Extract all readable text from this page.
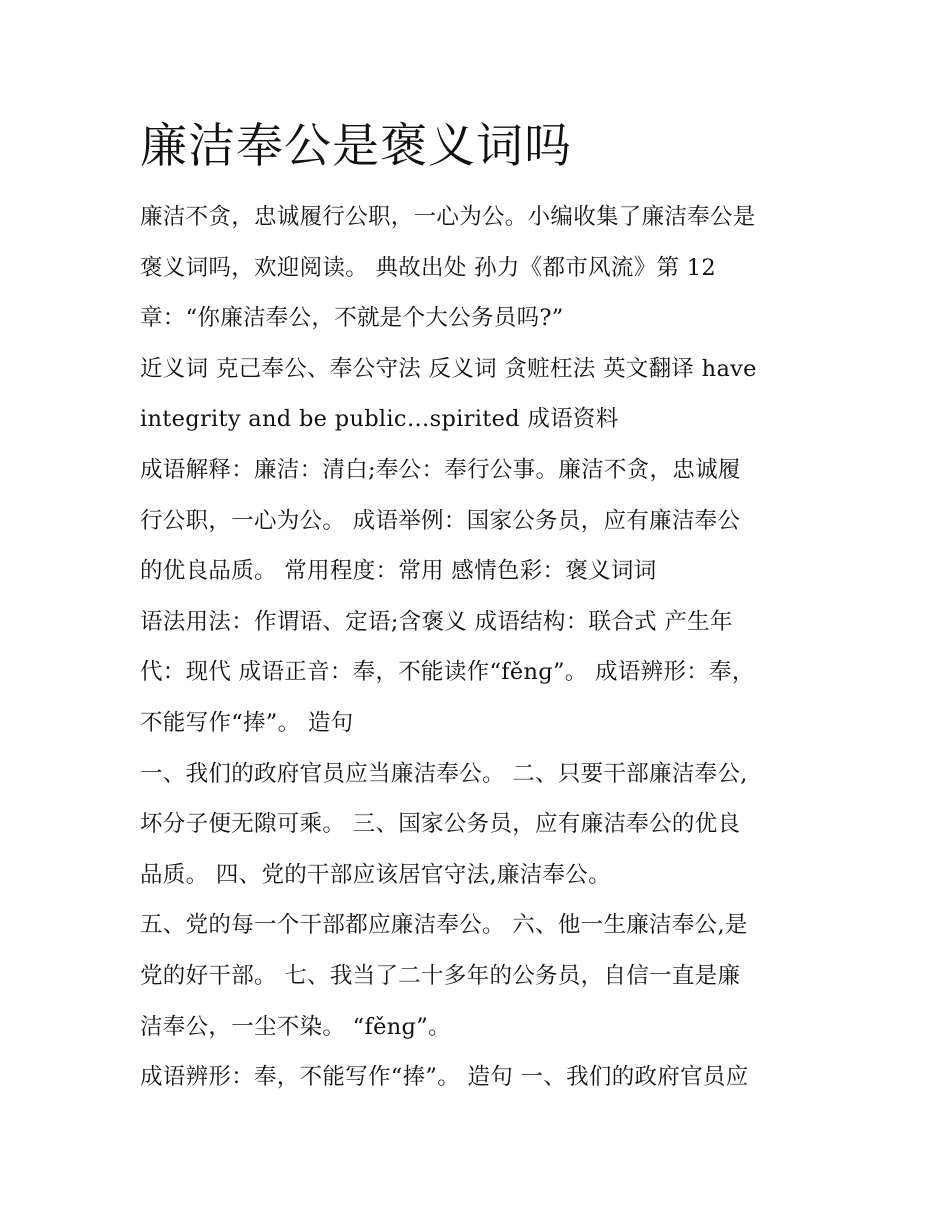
廉洁奉公是褒义词吗
廉洁不贪，忠诚履行公职，一心为公。小编收集了廉洁奉公是
褒义词吗，欢迎阅读。 典故出处 孙力《都市风流》第 12
章：“你廉洁奉公，不就是个大公务员吗?”
近义词 克己奉公、奉公守法 反义词 贪赃枉法 英文翻译 have
integrity and be public…spirited 成语资料
成语解释：廉洁：清白;奉公：奉行公事。廉洁不贪，忠诚履
行公职，一心为公。 成语举例：国家公务员，应有廉洁奉公
的优良品质。 常用程度：常用 感情色彩：褒义词词
语法用法：作谓语、定语;含褒义 成语结构：联合式 产生年
代：现代 成语正音：奉，不能读作“fěnɡ”。 成语辨形：奉，
不能写作“捧”。 造句
一、我们的政府官员应当廉洁奉公。 二、只要干部廉洁奉公,
坏分子便无隙可乘。 三、国家公务员，应有廉洁奉公的优良
品质。 四、党的干部应该居官守法,廉洁奉公。
五、党的每一个干部都应廉洁奉公。 六、他一生廉洁奉公,是
党的好干部。 七、我当了二十多年的公务员，自信一直是廉
洁奉公，一尘不染。 “fěnɡ”。
成语辨形：奉，不能写作“捧”。 造句 一、我们的政府官员应
